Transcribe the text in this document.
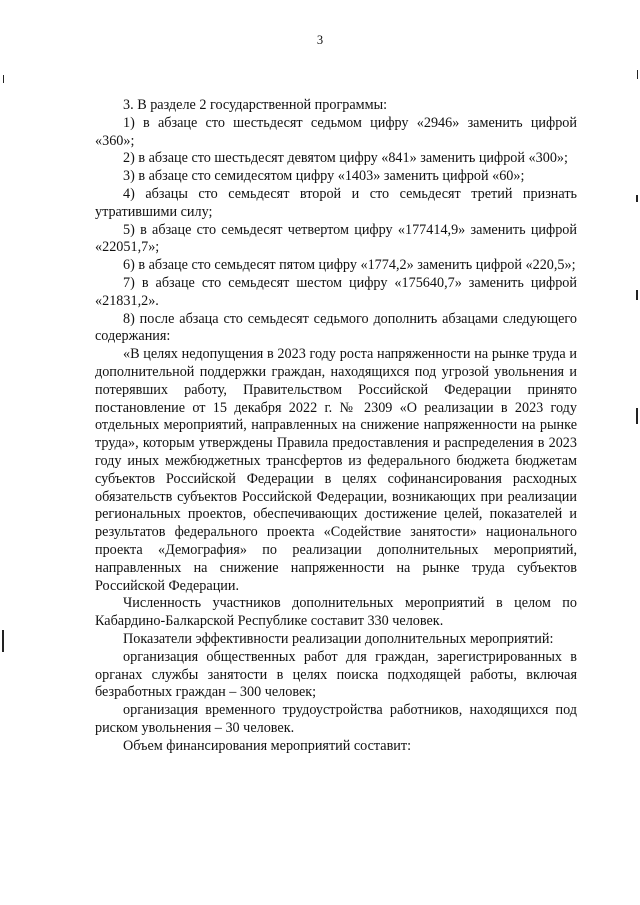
3

3. В разделе 2 государственной программы:

1) в абзаце сто шестьдесят седьмом цифру «2946» заменить цифрой «360»;

2) в абзаце сто шестьдесят девятом цифру «841» заменить цифрой «300»;

3) в абзаце сто семидесятом цифру «1403» заменить цифрой «60»;

4) абзацы сто семьдесят второй и сто семьдесят третий признать утратившими силу;

5) в абзаце сто семьдесят четвертом цифру «177414,9» заменить цифрой «22051,7»;

6) в абзаце сто семьдесят пятом цифру «1774,2» заменить цифрой «220,5»;

7) в абзаце сто семьдесят шестом цифру «175640,7» заменить цифрой «21831,2».

8) после абзаца сто семьдесят седьмого дополнить абзацами следующего содержания:

«В целях недопущения в 2023 году роста напряженности на рынке труда и дополнительной поддержки граждан, находящихся под угрозой увольнения и потерявших работу, Правительством Российской Федерации принято постановление от 15 декабря 2022 г. № 2309 «О реализации в 2023 году отдельных мероприятий, направленных на снижение напряженности на рынке труда», которым утверждены Правила предоставления и распределения в 2023 году иных межбюджетных трансфертов из федерального бюджета бюджетам субъектов Российской Федерации в целях софинансирования расходных обязательств субъектов Российской Федерации, возникающих при реализации региональных проектов, обеспечивающих достижение целей, показателей и результатов федерального проекта «Содействие занятости» национального проекта «Демография» по реализации дополнительных мероприятий, направленных на снижение напряженности на рынке труда субъектов Российской Федерации.

Численность участников дополнительных мероприятий в целом по Кабардино-Балкарской Республике составит 330 человек.

Показатели эффективности реализации дополнительных мероприятий:

организация общественных работ для граждан, зарегистрированных в органах службы занятости в целях поиска подходящей работы, включая безработных граждан – 300 человек;

организация временного трудоустройства работников, находящихся под риском увольнения – 30 человек.

Объем финансирования мероприятий составит:
